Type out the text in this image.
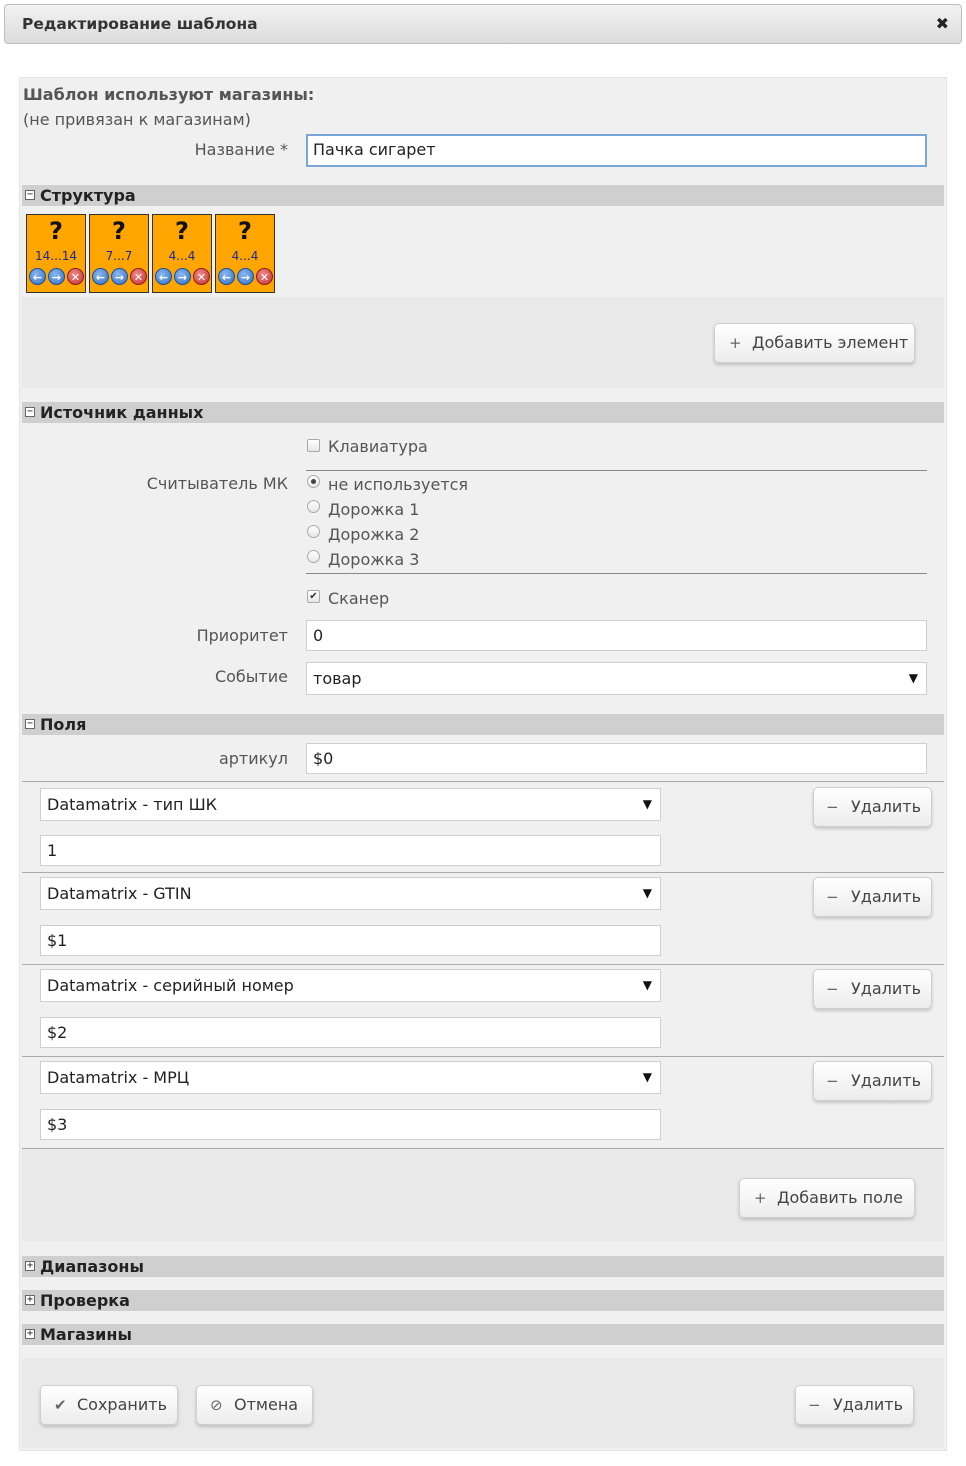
Редактирование шаблона	✖
Шаблон используют магазины:
(не привязан к магазинам)
Название *	Пачка сигарет
− Структура
?
14...14
← → ✕
?
7...7
← → ✕
?
4...4
← → ✕
?
4...4
← → ✕
+ Добавить элемент
− Источник данных
Клавиатура
Считыватель МК	не используется
Дорожка 1
Дорожка 2
Дорожка 3
✔ Сканер
Приоритет	0
Событие	товар ▼
− Поля
артикул	$0
Datamatrix - тип ШК ▼	− Удалить
1
Datamatrix - GTIN ▼	− Удалить
$1
Datamatrix - серийный номер ▼	− Удалить
$2
Datamatrix - МРЦ ▼	− Удалить
$3
+ Добавить поле
+ Диапазоны
+ Проверка
+ Магазины
✔ Сохранить	⊘ Отмена	− Удалить
